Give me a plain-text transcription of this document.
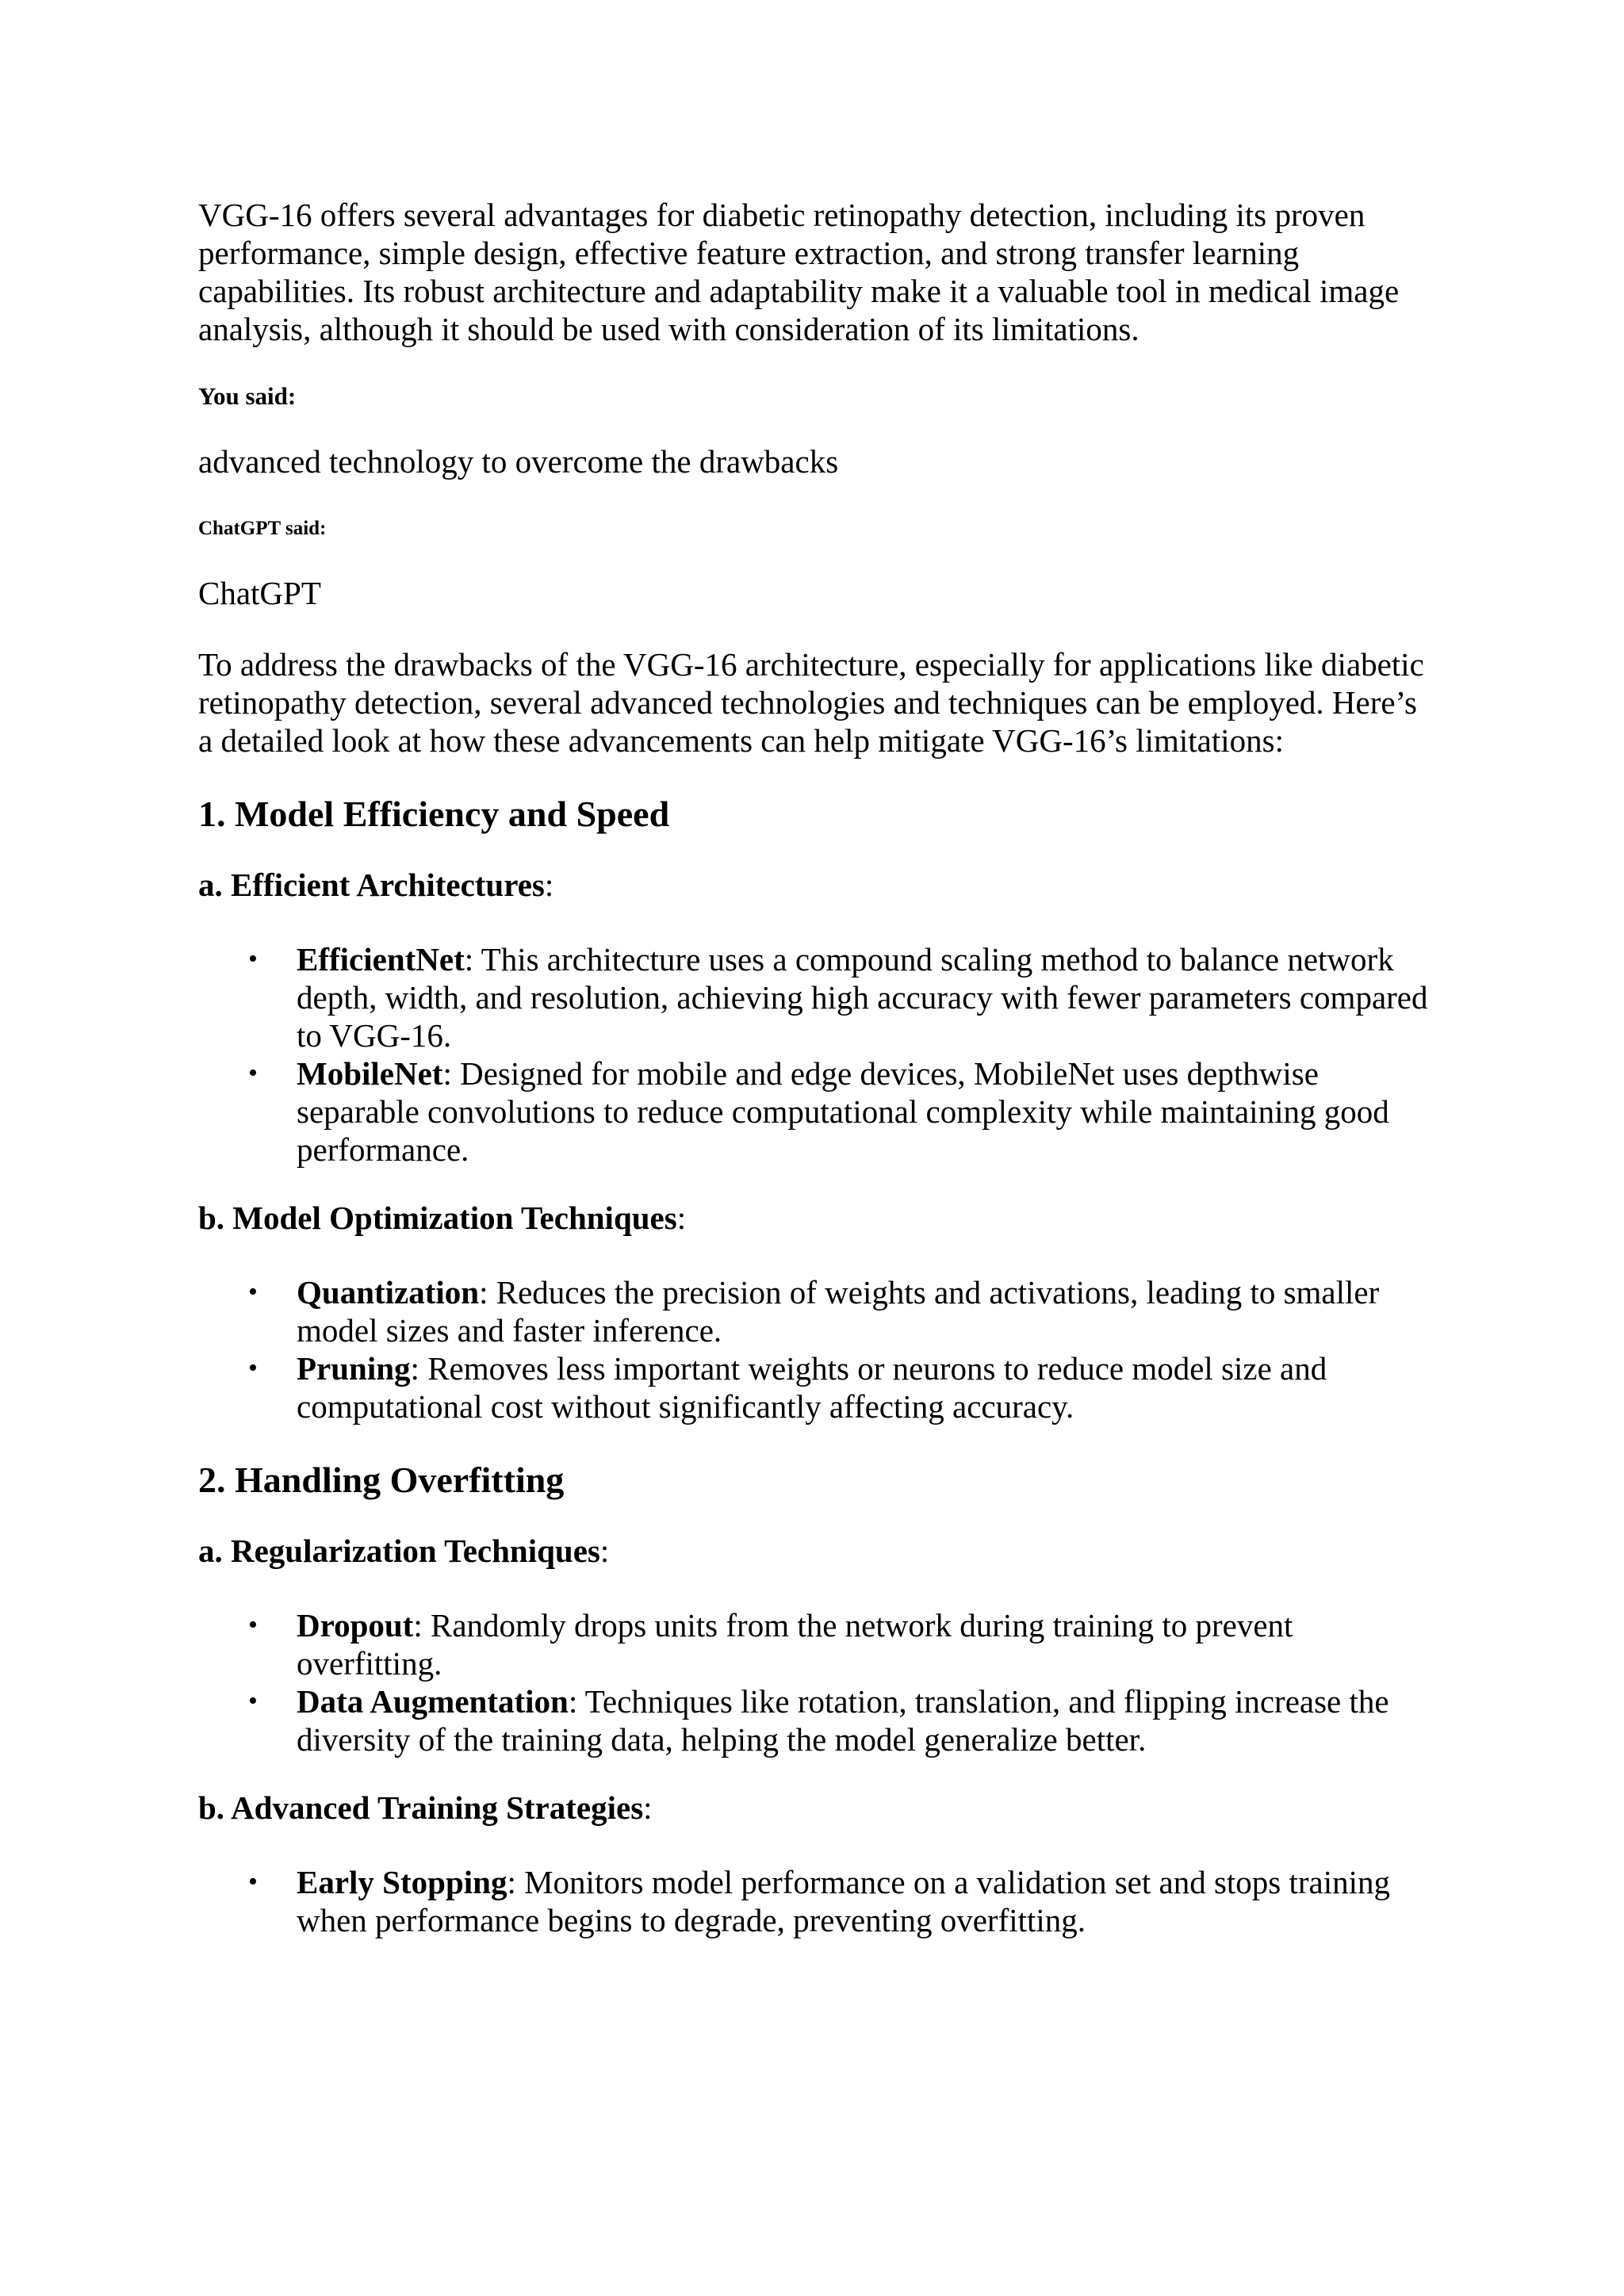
VGG-16 offers several advantages for diabetic retinopathy detection, including its proven performance, simple design, effective feature extraction, and strong transfer learning capabilities. Its robust architecture and adaptability make it a valuable tool in medical image analysis, although it should be used with consideration of its limitations.

You said:

advanced technology to overcome the drawbacks

ChatGPT said:

ChatGPT

To address the drawbacks of the VGG-16 architecture, especially for applications like diabetic retinopathy detection, several advanced technologies and techniques can be employed. Here’s a detailed look at how these advancements can help mitigate VGG-16’s limitations:

1. Model Efficiency and Speed
a. Efficient Architectures:
• EfficientNet: This architecture uses a compound scaling method to balance network depth, width, and resolution, achieving high accuracy with fewer parameters compared to VGG-16.
• MobileNet: Designed for mobile and edge devices, MobileNet uses depthwise separable convolutions to reduce computational complexity while maintaining good performance.
b. Model Optimization Techniques:
• Quantization: Reduces the precision of weights and activations, leading to smaller model sizes and faster inference.
• Pruning: Removes less important weights or neurons to reduce model size and computational cost without significantly affecting accuracy.
2. Handling Overfitting
a. Regularization Techniques:
• Dropout: Randomly drops units from the network during training to prevent overfitting.
• Data Augmentation: Techniques like rotation, translation, and flipping increase the diversity of the training data, helping the model generalize better.
b. Advanced Training Strategies:
• Early Stopping: Monitors model performance on a validation set and stops training when performance begins to degrade, preventing overfitting.
